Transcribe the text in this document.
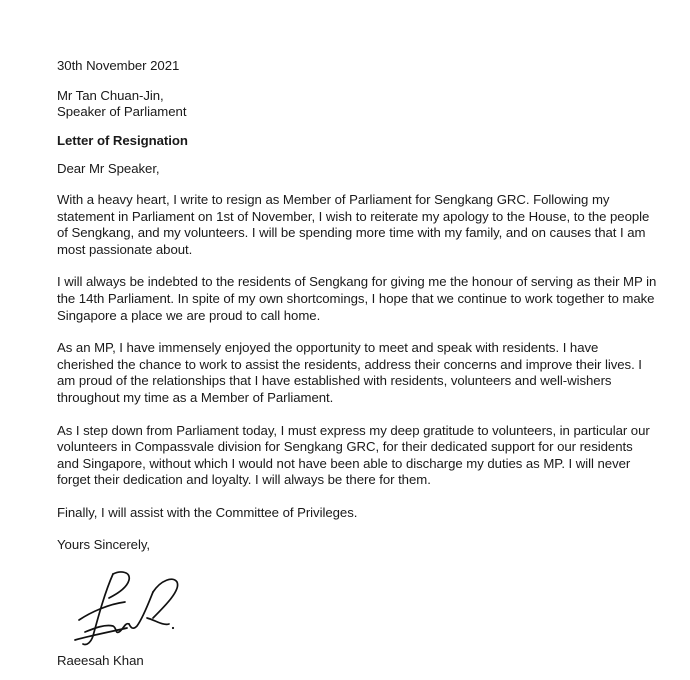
30th November 2021

Mr Tan Chuan-Jin,

Speaker of Parliament

Letter of Resignation

Dear Mr Speaker,

With a heavy heart, I write to resign as Member of Parliament for Sengkang GRC. Following my statement in Parliament on 1st of November, I wish to reiterate my apology to the House, to the people of Sengkang, and my volunteers. I will be spending more time with my family, and on causes that I am most passionate about.

I will always be indebted to the residents of Sengkang for giving me the honour of serving as their MP in the 14th Parliament. In spite of my own shortcomings, I hope that we continue to work together to make Singapore a place we are proud to call home.

As an MP, I have immensely enjoyed the opportunity to meet and speak with residents. I have cherished the chance to work to assist the residents, address their concerns and improve their lives. I am proud of the relationships that I have established with residents, volunteers and well-wishers throughout my time as a Member of Parliament.

As I step down from Parliament today, I must express my deep gratitude to volunteers, in particular our volunteers in Compassvale division for Sengkang GRC, for their dedicated support for our residents and Singapore, without which I would not have been able to discharge my duties as MP. I will never forget their dedication and loyalty. I will always be there for them.

Finally, I will assist with the Committee of Privileges.

Yours Sincerely,

Raeesah Khan
